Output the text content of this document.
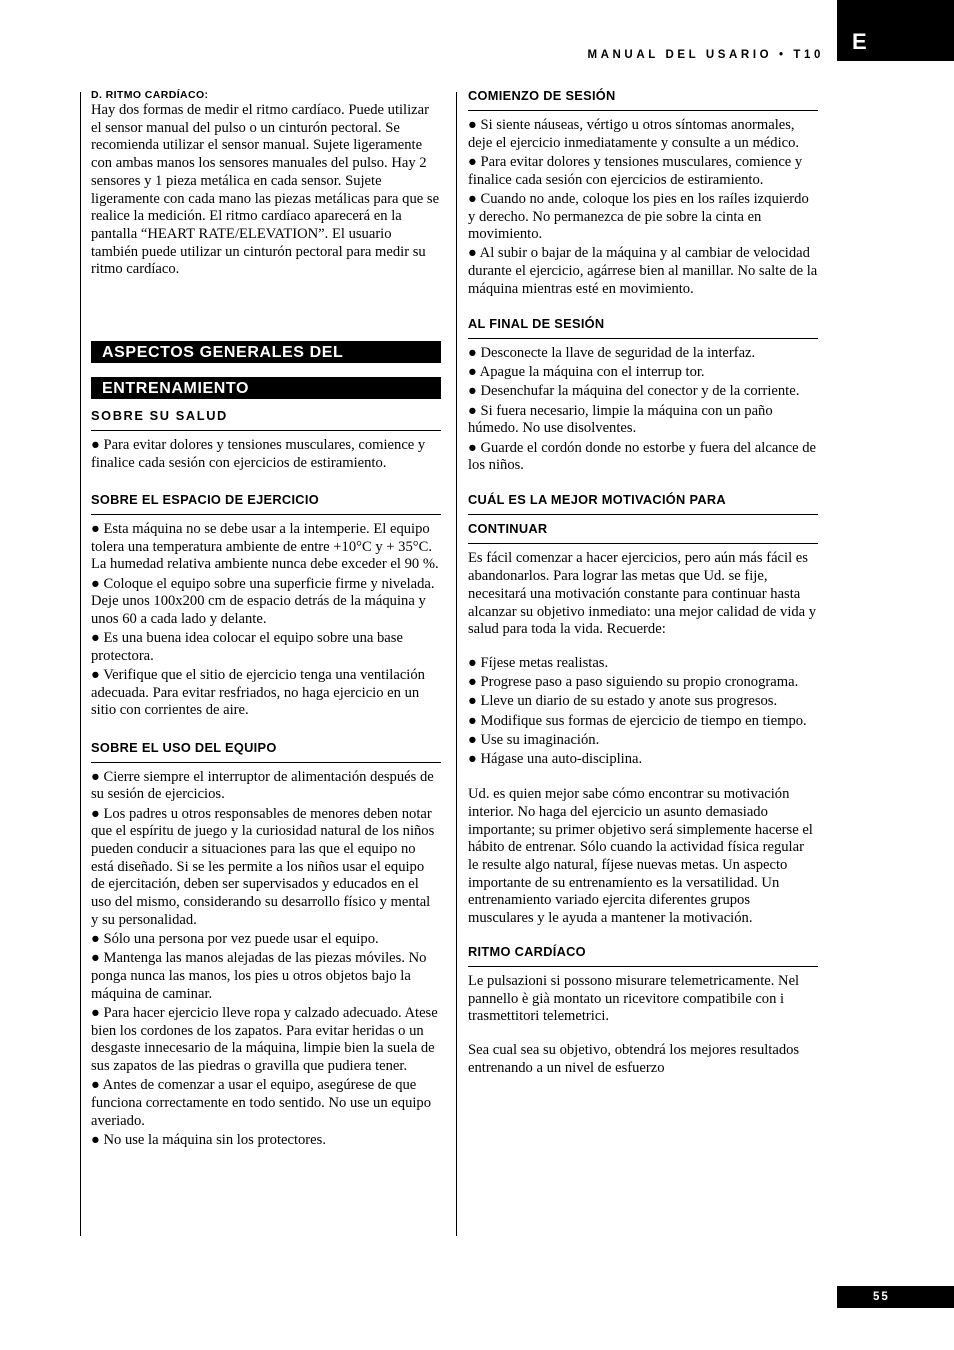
E
MANUAL DEL USARIO • T10
D. RITMO CARDÍACO:

Hay dos formas de medir el ritmo cardíaco. Puede utilizar el sensor manual del pulso o un cinturón pectoral. Se recomienda utilizar el sensor manual. Sujete ligeramente con ambas manos los sensores manuales del pulso. Hay 2 sensores y 1 pieza metálica en cada sensor. Sujete ligeramente con cada mano las piezas metálicas para que se realice la medición. El ritmo cardíaco aparecerá en la pantalla “HEART RATE/ELEVATION”. El usuario también puede utilizar un cinturón pectoral para medir su ritmo cardíaco.

ASPECTOS GENERALES DEL
ENTRENAMIENTO
SOBRE SU SALUD
● Para evitar dolores y tensiones musculares, comience y finalice cada sesión con ejercicios de estiramiento.
SOBRE EL ESPACIO DE EJERCICIO
● Esta máquina no se debe usar a la intemperie. El equipo tolera una temperatura ambiente de entre +10°C y + 35°C. La humedad relativa ambiente nunca debe exceder el 90 %.
● Coloque el equipo sobre una superficie firme y nivelada. Deje unos 100x200 cm de espacio detrás de la máquina y unos 60 a cada lado y delante.
● Es una buena idea colocar el equipo sobre una base protectora.
● Verifique que el sitio de ejercicio tenga una ventilación adecuada. Para evitar resfriados, no haga ejercicio en un sitio con corrientes de aire.
SOBRE EL USO DEL EQUIPO
● Cierre siempre el interruptor de alimentación después de su sesión de ejercicios.
● Los padres u otros responsables de menores deben notar que el espíritu de juego y la curiosidad natural de los niños pueden conducir a situaciones para las que el equipo no está diseñado. Si se les permite a los niños usar el equipo de ejercitación, deben ser supervisados y educados en el uso del mismo, considerando su desarrollo físico y mental y su personalidad.
● Sólo una persona por vez puede usar el equipo.
● Mantenga las manos alejadas de las piezas móviles. No ponga nunca las manos, los pies u otros objetos bajo la máquina de caminar.
● Para hacer ejercicio lleve ropa y calzado adecuado. Atese bien los cordones de los zapatos. Para evitar heridas o un desgaste innecesario de la máquina, limpie bien la suela de sus zapatos de las piedras o gravilla que pudiera tener.
● Antes de comenzar a usar el equipo, asegúrese de que funciona correctamente en todo sentido. No use un equipo averiado.
● No use la máquina sin los protectores.
COMIENZO DE SESIÓN
● Si siente náuseas, vértigo u otros síntomas anormales, deje el ejercicio inmediatamente y consulte a un médico.
● Para evitar dolores y tensiones musculares, comience y finalice cada sesión con ejercicios de estiramiento.
● Cuando no ande, coloque los pies en los raíles izquierdo y derecho. No permanezca de pie sobre la cinta en movimiento.
● Al subir o bajar de la máquina y al cambiar de velocidad durante el ejercicio, agárrese bien al manillar. No salte de la máquina mientras esté en movimiento.
AL FINAL DE SESIÓN
● Desconecte la llave de seguridad de la interfaz.
● Apague la máquina con el interrup tor.
● Desenchufar la máquina del conector y de la corriente.
● Si fuera necesario, limpie la máquina con un paño húmedo. No use disolventes.
● Guarde el cordón donde no estorbe y fuera del alcance de los niños.
CUÁL ES LA MEJOR MOTIVACIÓN PARA
CONTINUAR

Es fácil comenzar a hacer ejercicios, pero aún más fácil es abandonarlos. Para lograr las metas que Ud. se fije, necesitará una motivación constante para continuar hasta alcanzar su objetivo inmediato: una mejor calidad de vida y salud para toda la vida. Recuerde:

● Fíjese metas realistas.
● Progrese paso a paso siguiendo su propio cronograma.
● Lleve un diario de su estado y anote sus progresos.
● Modifique sus formas de ejercicio de tiempo en tiempo.
● Use su imaginación.
● Hágase una auto-disciplina.

Ud. es quien mejor sabe cómo encontrar su motivación interior. No haga del ejercicio un asunto demasiado importante; su primer objetivo será simplemente hacerse el hábito de entrenar. Sólo cuando la actividad física regular le resulte algo natural, fíjese nuevas metas. Un aspecto importante de su entrenamiento es la versatilidad. Un entrenamiento variado ejercita diferentes grupos musculares y le ayuda a mantener la motivación.

RITMO CARDÍACO

Le pulsazioni si possono misurare telemetricamente. Nel pannello è già montato un ricevitore compatibile con i trasmettitori telemetrici.

Sea cual sea su objetivo, obtendrá los mejores resultados entrenando a un nivel de esfuerzo

55
